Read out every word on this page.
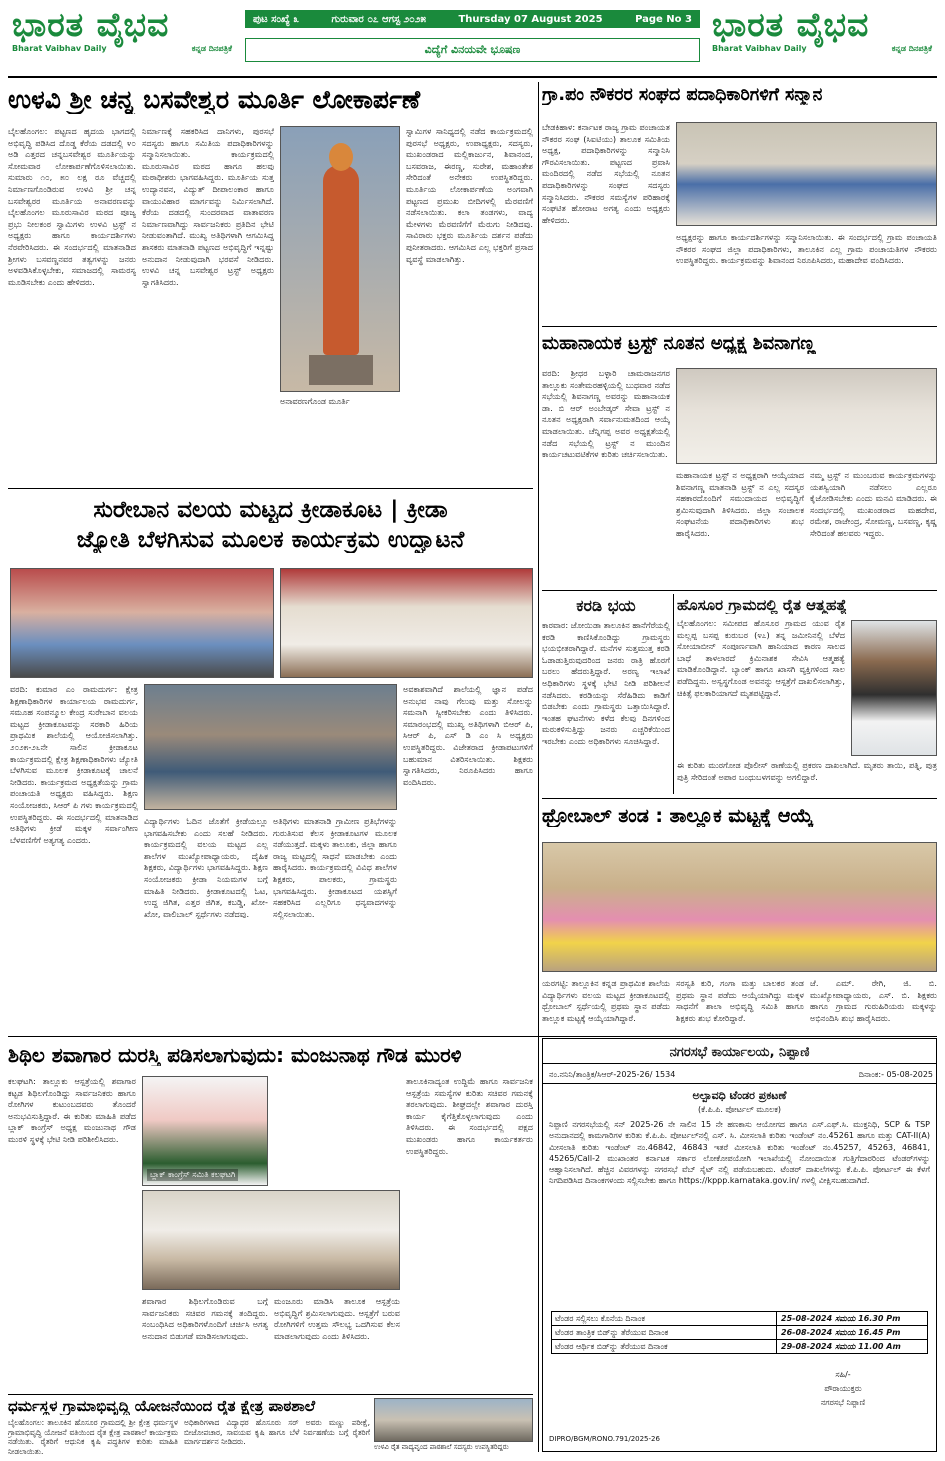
ಭಾರತ ವೈಭವ
Bharat Vaibhav Daily	ಕನ್ನಡ ದಿನಪತ್ರಿಕೆ
ಪುಟ ಸಂಖ್ಯೆ ೩	ಗುರುವಾರ ೦೭ ಆಗಸ್ಟ ೨೦೨೫	Thursday 07 August 2025	Page No 3
ವಿದ್ಯೆಗೆ ವಿನಯವೇ ಭೂಷಣ
ಭಾರತ ವೈಭವ
Bharat Vaibhav Daily	ಕನ್ನಡ ದಿನಪತ್ರಿಕೆ
ಉಳವಿ ಶ್ರೀ ಚನ್ನ ಬಸವೇಶ್ವರ ಮೂರ್ತಿ ಲೋಕಾರ್ಪಣೆ
ಬೈಲಹೊಂಗಲ: ಪಟ್ಟಣದ ಹೃದಯ ಭಾಗದಲ್ಲಿ ಅಭಿವೃದ್ಧಿ ಪಡಿಸಿದ ದೊಡ್ಡ ಕೆರೆಯ ದಡದಲ್ಲಿ ೪೦ ಅಡಿ ಎತ್ತರದ ಚನ್ನಬಸವೇಶ್ವರ ಮೂರ್ತಿಯನ್ನು ಸೋಮವಾರ ಲೋಕಾರ್ಪಣೆಗೊಳಿಸಲಾಯಿತು. ಸುಮಾರು ೧೦, ೫೦ ಲಕ್ಷ ರೂ ವೆಚ್ಚದಲ್ಲಿ ನಿರ್ಮಾಣಗೊಂಡಿರುವ ಉಳವಿ ಶ್ರೀ ಚನ್ನ ಬಸವೇಶ್ವರರ ಮೂರ್ತಿಯ ಅನಾವರಣವನ್ನು ಬೈಲಹೊಂಗಲ ಮೂರುಸಾವಿರ ಮಠದ ಪೂಜ್ಯ ಪ್ರಭು ನೀಲಕಂಠ ಸ್ವಾಮಿಗಳು ಉಳವಿ ಟ್ರಸ್ಟ್ ನ ಅಧ್ಯಕ್ಷರು ಹಾಗೂ ಕಾರ್ಯದರ್ಶಿಗಳು ನೆರವೇರಿಸಿದರು. ಈ ಸಂದರ್ಭದಲ್ಲಿ ಮಾತನಾಡಿದ ಶ್ರೀಗಳು ಬಸವಣ್ಣನವರ ತತ್ವಗಳನ್ನು ಜನರು ಅಳವಡಿಸಿಕೊಳ್ಳಬೇಕು, ಸಮಾಜದಲ್ಲಿ ಸಾಮರಸ್ಯ ಮೂಡಿಸಬೇಕು ಎಂದು ಹೇಳಿದರು.
ನಿರ್ಮಾಣಕ್ಕೆ ಸಹಕರಿಸಿದ ದಾನಿಗಳು, ಪುರಸಭೆ ಸದಸ್ಯರು ಹಾಗೂ ಸಮಿತಿಯ ಪದಾಧಿಕಾರಿಗಳನ್ನು ಸನ್ಮಾನಿಸಲಾಯಿತು. ಕಾರ್ಯಕ್ರಮದಲ್ಲಿ ಮೂರುಸಾವಿರ ಮಠದ ಹಾಗೂ ಹಲವು ಮಠಾಧೀಶರು ಭಾಗವಹಿಸಿದ್ದರು. ಮೂರ್ತಿಯ ಸುತ್ತ ಉದ್ಯಾನವನ, ವಿದ್ಯುತ್ ದೀಪಾಲಂಕಾರ ಹಾಗೂ ವಾಯುವಿಹಾರ ಮಾರ್ಗವನ್ನು ನಿರ್ಮಿಸಲಾಗಿದೆ. ಕೆರೆಯ ದಡದಲ್ಲಿ ಸುಂದರವಾದ ವಾತಾವರಣ ನಿರ್ಮಾಣವಾಗಿದ್ದು ಸಾರ್ವಜನಿಕರು ಪ್ರತಿದಿನ ಭೇಟಿ ನೀಡುವಂತಾಗಿದೆ. ಮುಖ್ಯ ಅತಿಥಿಗಳಾಗಿ ಆಗಮಿಸಿದ್ದ ಶಾಸಕರು ಮಾತನಾಡಿ ಪಟ್ಟಣದ ಅಭಿವೃದ್ಧಿಗೆ ಇನ್ನಷ್ಟು ಅನುದಾನ ನೀಡುವುದಾಗಿ ಭರವಸೆ ನೀಡಿದರು. ಉಳವಿ ಚನ್ನ ಬಸವೇಶ್ವರ ಟ್ರಸ್ಟ್ ಅಧ್ಯಕ್ಷರು ಸ್ವಾಗತಿಸಿದರು.
ಅನಾವರಣಗೊಂಡ ಮೂರ್ತಿ
ಸ್ವಾಮಿಗಳ ಸಾನಿಧ್ಯದಲ್ಲಿ ನಡೆದ ಕಾರ್ಯಕ್ರಮದಲ್ಲಿ ಪುರಸಭೆ ಅಧ್ಯಕ್ಷರು, ಉಪಾಧ್ಯಕ್ಷರು, ಸದಸ್ಯರು, ಮುಖಂಡರಾದ ಮಲ್ಲಿಕಾರ್ಜುನ, ಶಿವಾನಂದ, ಬಸವರಾಜ, ಈರಣ್ಣ, ಸುರೇಶ, ಮಹಾಂತೇಶ ಸೇರಿದಂತೆ ಅನೇಕರು ಉಪಸ್ಥಿತರಿದ್ದರು. ಮೂರ್ತಿಯ ಲೋಕಾರ್ಪಣೆಯ ಅಂಗವಾಗಿ ಪಟ್ಟಣದ ಪ್ರಮುಖ ಬೀದಿಗಳಲ್ಲಿ ಮೆರವಣಿಗೆ ನಡೆಸಲಾಯಿತು. ಕಲಾ ತಂಡಗಳು, ವಾದ್ಯ ಮೇಳಗಳು ಮೆರವಣಿಗೆಗೆ ಮೆರುಗು ನೀಡಿದವು. ಸಾವಿರಾರು ಭಕ್ತರು ಮೂರ್ತಿಯ ದರ್ಶನ ಪಡೆದು ಪುನೀತರಾದರು. ಆಗಮಿಸಿದ ಎಲ್ಲ ಭಕ್ತರಿಗೆ ಪ್ರಸಾದ ವ್ಯವಸ್ಥೆ ಮಾಡಲಾಗಿತ್ತು.
ಗ್ರಾ.ಪಂ ನೌಕರರ ಸಂಘದ ಪದಾಧಿಕಾರಿಗಳಿಗೆ ಸನ್ಮಾನ
ಬೇಡಕಿಹಾಳ: ಕರ್ನಾಟಕ ರಾಜ್ಯ ಗ್ರಾಮ ಪಂಚಾಯತ ನೌಕರರ ಸಂಘ (ಸಿಐಟಿಯು) ತಾಲೂಕ ಸಮಿತಿಯ ಅಧ್ಯಕ್ಷ, ಪದಾಧಿಕಾರಿಗಳನ್ನು ಸನ್ಮಾನಿಸಿ ಗೌರವಿಸಲಾಯಿತು. ಪಟ್ಟಣದ ಪ್ರವಾಸಿ ಮಂದಿರದಲ್ಲಿ ನಡೆದ ಸಭೆಯಲ್ಲಿ ನೂತನ ಪದಾಧಿಕಾರಿಗಳನ್ನು ಸಂಘದ ಸದಸ್ಯರು ಸನ್ಮಾನಿಸಿದರು. ನೌಕರರ ಸಮಸ್ಯೆಗಳ ಪರಿಹಾರಕ್ಕೆ ಸಂಘಟಿತ ಹೋರಾಟ ಅಗತ್ಯ ಎಂದು ಅಧ್ಯಕ್ಷರು ಹೇಳಿದರು.
ಅಧ್ಯಕ್ಷರನ್ನು ಹಾಗೂ ಕಾರ್ಯದರ್ಶಿಗಳನ್ನು ಸನ್ಮಾನಿಸಲಾಯಿತು. ಈ ಸಂದರ್ಭದಲ್ಲಿ ಗ್ರಾಮ ಪಂಚಾಯತಿ ನೌಕರರ ಸಂಘದ ಜಿಲ್ಲಾ ಪದಾಧಿಕಾರಿಗಳು, ತಾಲೂಕಿನ ಎಲ್ಲ ಗ್ರಾಮ ಪಂಚಾಯತಿಗಳ ನೌಕರರು ಉಪಸ್ಥಿತರಿದ್ದರು. ಕಾರ್ಯಕ್ರಮವನ್ನು ಶಿವಾನಂದ ನಿರೂಪಿಸಿದರು, ಮಹಾದೇವ ವಂದಿಸಿದರು.
ಮಹಾನಾಯಕ ಟ್ರಸ್ಟ್ ನೂತನ ಅಧ್ಯಕ್ಷ ಶಿವನಾಗಣ್ಣ
ವರದಿ: ಶ್ರೀಧರ ಬಳ್ಳಾರಿ ಚಾಮರಾಜನಗರ ತಾಲ್ಲೂಕು ಸಂತೇಮರಹಳ್ಳಿಯಲ್ಲಿ ಬುಧವಾರ ನಡೆದ ಸಭೆಯಲ್ಲಿ ಶಿವನಾಗಣ್ಣ ಅವರನ್ನು ಮಹಾನಾಯಕ ಡಾ. ಬಿ ಆರ್ ಅಂಬೇಡ್ಕರ್ ಸೇವಾ ಟ್ರಸ್ಟ್ ನ ನೂತನ ಅಧ್ಯಕ್ಷರಾಗಿ ಸರ್ವಾನುಮತದಿಂದ ಆಯ್ಕೆ ಮಾಡಲಾಯಿತು. ಚೆನ್ನಿಗಪ್ಪ ಅವರ ಅಧ್ಯಕ್ಷತೆಯಲ್ಲಿ ನಡೆದ ಸಭೆಯಲ್ಲಿ ಟ್ರಸ್ಟ್ ನ ಮುಂದಿನ ಕಾರ್ಯಚಟುವಟಿಕೆಗಳ ಕುರಿತು ಚರ್ಚಿಸಲಾಯಿತು.
ಮಹಾನಾಯಕ ಟ್ರಸ್ಟ್ ನ ಅಧ್ಯಕ್ಷರಾಗಿ ಆಯ್ಕೆಯಾದ ಶಿವನಾಗಣ್ಣ ಮಾತನಾಡಿ ಟ್ರಸ್ಟ್ ನ ಎಲ್ಲ ಸದಸ್ಯರ ಸಹಕಾರದೊಂದಿಗೆ ಸಮುದಾಯದ ಅಭಿವೃದ್ಧಿಗೆ ಶ್ರಮಿಸುವುದಾಗಿ ತಿಳಿಸಿದರು. ಜಿಲ್ಲಾ ಸಂಚಾಲಕ ಸಂಘಟನೆಯ ಪದಾಧಿಕಾರಿಗಳು ಶುಭ ಹಾರೈಸಿದರು.
ನಮ್ಮ ಟ್ರಸ್ಟ್ ನ ಮುಂಬರುವ ಕಾರ್ಯಕ್ರಮಗಳನ್ನು ಯಶಸ್ವಿಯಾಗಿ ನಡೆಸಲು ಎಲ್ಲರೂ ಕೈಜೋಡಿಸಬೇಕು ಎಂದು ಮನವಿ ಮಾಡಿದರು. ಈ ಸಂದರ್ಭದಲ್ಲಿ ಮುಖಂಡರಾದ ಮಹದೇವ, ರಮೇಶ, ರಾಜೇಂದ್ರ, ಸೋಮಣ್ಣ, ಬಸವಣ್ಣ, ಕೃಷ್ಣ ಸೇರಿದಂತೆ ಹಲವರು ಇದ್ದರು.
ಸುರೇಬಾನ ವಲಯ ಮಟ್ಟದ ಕ್ರೀಡಾಕೂಟ | ಕ್ರೀಡಾ
ಜ್ಯೋತಿ ಬೆಳಗಿಸುವ ಮೂಲಕ ಕಾರ್ಯಕ್ರಮ ಉದ್ಘಾಟನೆ
ವರದಿ: ಕುಮಾರ ಎಂ ರಾಮದುರ್ಗ: ಕ್ಷೇತ್ರ ಶಿಕ್ಷಣಾಧಿಕಾರಿಗಳ ಕಾರ್ಯಾಲಯ ರಾಮದುರ್ಗ, ಸಮೂಹ ಸಂಪನ್ಮೂಲ ಕೇಂದ್ರ ಸುರೇಬಾನ ವಲಯ ಮಟ್ಟದ ಕ್ರೀಡಾಕೂಟವನ್ನು ಸರಕಾರಿ ಹಿರಿಯ ಪ್ರಾಥಮಿಕ ಶಾಲೆಯಲ್ಲಿ ಆಯೋಜಿಸಲಾಗಿತ್ತು. ೨೦೨೫-೨೬ನೇ ಸಾಲಿನ ಕ್ರೀಡಾಕೂಟ ಕಾರ್ಯಕ್ರಮದಲ್ಲಿ ಕ್ಷೇತ್ರ ಶಿಕ್ಷಣಾಧಿಕಾರಿಗಳು ಜ್ಯೋತಿ ಬೆಳಗಿಸುವ ಮೂಲಕ ಕ್ರೀಡಾಕೂಟಕ್ಕೆ ಚಾಲನೆ ನೀಡಿದರು. ಕಾರ್ಯಕ್ರಮದ ಅಧ್ಯಕ್ಷತೆಯನ್ನು ಗ್ರಾಮ ಪಂಚಾಯತಿ ಅಧ್ಯಕ್ಷರು ವಹಿಸಿದ್ದರು. ಶಿಕ್ಷಣ ಸಂಯೋಜಕರು, ಸಿಆರ್ ಪಿ ಗಳು ಕಾರ್ಯಕ್ರಮದಲ್ಲಿ ಉಪಸ್ಥಿತರಿದ್ದರು. ಈ ಸಂದರ್ಭದಲ್ಲಿ ಮಾತನಾಡಿದ ಅತಿಥಿಗಳು ಕ್ರೀಡೆ ಮಕ್ಕಳ ಸರ್ವಾಂಗೀಣ ಬೆಳವಣಿಗೆಗೆ ಅತ್ಯಗತ್ಯ ಎಂದರು.
ಅವಕಾಶವಾಗಿದೆ ಶಾಲೆಯಲ್ಲಿ ಜ್ಞಾನ ಪಡೆದ ಅನುಭವ ನಾವು ಗೆಲುವು ಮತ್ತು ಸೋಲನ್ನು ಸಮನಾಗಿ ಸ್ವೀಕರಿಸಬೇಕು ಎಂದು ತಿಳಿಸಿದರು. ಸಮಾರಂಭದಲ್ಲಿ ಮುಖ್ಯ ಅತಿಥಿಗಳಾಗಿ ಬಿಆರ್ ಪಿ, ಸಿಆರ್ ಪಿ, ಎಸ್ ಡಿ ಎಂ ಸಿ ಅಧ್ಯಕ್ಷರು ಉಪಸ್ಥಿತರಿದ್ದರು. ವಿಜೇತರಾದ ಕ್ರೀಡಾಪಟುಗಳಿಗೆ ಬಹುಮಾನ ವಿತರಿಸಲಾಯಿತು. ಶಿಕ್ಷಕರು ಸ್ವಾಗತಿಸಿದರು, ನಿರೂಪಿಸಿದರು ಹಾಗೂ ವಂದಿಸಿದರು.
ವಿದ್ಯಾರ್ಥಿಗಳು ಓದಿನ ಜೊತೆಗೆ ಕ್ರೀಡೆಯಲ್ಲೂ ಭಾಗವಹಿಸಬೇಕು ಎಂದು ಸಲಹೆ ನೀಡಿದರು. ಕಾರ್ಯಕ್ರಮದಲ್ಲಿ ವಲಯ ಮಟ್ಟದ ಎಲ್ಲ ಶಾಲೆಗಳ ಮುಖ್ಯೋಪಾಧ್ಯಾಯರು, ದೈಹಿಕ ಶಿಕ್ಷಕರು, ವಿದ್ಯಾರ್ಥಿಗಳು ಭಾಗವಹಿಸಿದ್ದರು. ಶಿಕ್ಷಣ ಸಂಯೋಜಕರು ಕ್ರೀಡಾ ನಿಯಮಗಳ ಬಗ್ಗೆ ಮಾಹಿತಿ ನೀಡಿದರು. ಕ್ರೀಡಾಕೂಟದಲ್ಲಿ ಓಟ, ಉದ್ದ ಜಿಗಿತ, ಎತ್ತರ ಜಿಗಿತ, ಕಬಡ್ಡಿ, ಖೋ-ಖೋ, ವಾಲಿಬಾಲ್ ಸ್ಪರ್ಧೆಗಳು ನಡೆದವು.
ಅತಿಥಿಗಳು ಮಾತನಾಡಿ ಗ್ರಾಮೀಣ ಪ್ರತಿಭೆಗಳನ್ನು ಗುರುತಿಸುವ ಕೆಲಸ ಕ್ರೀಡಾಕೂಟಗಳ ಮೂಲಕ ನಡೆಯುತ್ತದೆ. ಮಕ್ಕಳು ತಾಲೂಕು, ಜಿಲ್ಲಾ ಹಾಗೂ ರಾಜ್ಯ ಮಟ್ಟದಲ್ಲಿ ಸಾಧನೆ ಮಾಡಬೇಕು ಎಂದು ಹಾರೈಸಿದರು. ಕಾರ್ಯಕ್ರಮದಲ್ಲಿ ವಿವಿಧ ಶಾಲೆಗಳ ಶಿಕ್ಷಕರು, ಪಾಲಕರು, ಗ್ರಾಮಸ್ಥರು ಭಾಗವಹಿಸಿದ್ದರು. ಕ್ರೀಡಾಕೂಟದ ಯಶಸ್ಸಿಗೆ ಸಹಕರಿಸಿದ ಎಲ್ಲರಿಗೂ ಧನ್ಯವಾದಗಳನ್ನು ಸಲ್ಲಿಸಲಾಯಿತು.
ಕರಡಿ ಭಯ
ಕಾರವಾರ: ಜೋಯಿಡಾ ತಾಲೂಕಿನ ಹಾನೆಗೆರೆಯಲ್ಲಿ ಕರಡಿ ಕಾಣಿಸಿಕೊಂಡಿದ್ದು ಗ್ರಾಮಸ್ಥರು ಭಯಭೀತರಾಗಿದ್ದಾರೆ. ಮನೆಗಳ ಸುತ್ತಮುತ್ತ ಕರಡಿ ಓಡಾಡುತ್ತಿರುವುದರಿಂದ ಜನರು ರಾತ್ರಿ ಹೊರಗೆ ಬರಲು ಹೆದರುತ್ತಿದ್ದಾರೆ. ಅರಣ್ಯ ಇಲಾಖೆ ಅಧಿಕಾರಿಗಳು ಸ್ಥಳಕ್ಕೆ ಭೇಟಿ ನೀಡಿ ಪರಿಶೀಲನೆ ನಡೆಸಿದರು. ಕರಡಿಯನ್ನು ಸೆರೆಹಿಡಿದು ಕಾಡಿಗೆ ಬಿಡಬೇಕು ಎಂದು ಗ್ರಾಮಸ್ಥರು ಒತ್ತಾಯಿಸಿದ್ದಾರೆ. ಇಂತಹ ಘಟನೆಗಳು ಕಳೆದ ಕೆಲವು ದಿನಗಳಿಂದ ಮರುಕಳಿಸುತ್ತಿದ್ದು ಜನರು ಎಚ್ಚರಿಕೆಯಿಂದ ಇರಬೇಕು ಎಂದು ಅಧಿಕಾರಿಗಳು ಸೂಚಿಸಿದ್ದಾರೆ.
ಹೊಸೂರ ಗ್ರಾಮದಲ್ಲಿ ರೈತ ಆತ್ಮಹತ್ಯೆ
ಬೈಲಹೊಂಗಲ: ಸಮೀಪದ ಹೊಸೂರ ಗ್ರಾಮದ ಯುವ ರೈತ ಮಲ್ಲಪ್ಪ ಬಸಪ್ಪ ಕುರುಬರ (೪೭) ತನ್ನ ಜಮೀನಿನಲ್ಲಿ ಬೆಳೆದ ಸೋಯಾಬೀನ್ ಸಂಪೂರ್ಣವಾಗಿ ಹಾನಿಯಾದ ಕಾರಣ ಸಾಲದ ಬಾಧೆ ತಾಳಲಾರದೆ ಕ್ರಿಮಿನಾಶಕ ಸೇವಿಸಿ ಆತ್ಮಹತ್ಯೆ ಮಾಡಿಕೊಂಡಿದ್ದಾನೆ. ಬ್ಯಾಂಕ್ ಹಾಗೂ ಖಾಸಗಿ ವ್ಯಕ್ತಿಗಳಿಂದ ಸಾಲ ಪಡೆದಿದ್ದನು. ಅಸ್ವಸ್ಥಗೊಂಡ ಅವನನ್ನು ಆಸ್ಪತ್ರೆಗೆ ದಾಖಲಿಸಲಾಗಿತ್ತು, ಚಿಕಿತ್ಸೆ ಫಲಕಾರಿಯಾಗದೆ ಮೃತಪಟ್ಟಿದ್ದಾನೆ.
ಈ ಕುರಿತು ಮುರಗೋಡ ಪೊಲೀಸ್ ಠಾಣೆಯಲ್ಲಿ ಪ್ರಕರಣ ದಾಖಲಾಗಿದೆ. ಮೃತರು ತಾಯಿ, ಪತ್ನಿ, ಪುತ್ರ ಪುತ್ರಿ ಸೇರಿದಂತೆ ಅಪಾರ ಬಂಧುಬಳಗವನ್ನು ಅಗಲಿದ್ದಾರೆ.
ಥ್ರೋಬಾಲ್ ತಂಡ : ತಾಲ್ಲೂಕ ಮಟ್ಟಕ್ಕೆ ಆಯ್ಕೆ
ಯರಗಟ್ಟಿ: ತಾಲ್ಲೂಕಿನ ಕನ್ನಡ ಪ್ರಾಥಮಿಕ ಶಾಲೆಯ ವಿದ್ಯಾರ್ಥಿಗಳು ವಲಯ ಮಟ್ಟದ ಕ್ರೀಡಾಕೂಟದಲ್ಲಿ ಥ್ರೋಬಾಲ್ ಸ್ಪರ್ಧೆಯಲ್ಲಿ ಪ್ರಥಮ ಸ್ಥಾನ ಪಡೆದು ತಾಲ್ಲೂಕ ಮಟ್ಟಕ್ಕೆ ಆಯ್ಕೆಯಾಗಿದ್ದಾರೆ.
ಸರಸ್ವತಿ ಕುರಿ, ಗಂಗಾ ಮತ್ತು ಬಾಲಕರ ತಂಡ ಪ್ರಥಮ ಸ್ಥಾನ ಪಡೆದು ಆಯ್ಕೆಯಾಗಿದ್ದು ಮಕ್ಕಳ ಸಾಧನೆಗೆ ಶಾಲಾ ಅಭಿವೃದ್ಧಿ ಸಮಿತಿ ಹಾಗೂ ಶಿಕ್ಷಕರು ಶುಭ ಕೋರಿದ್ದಾರೆ.
ಜೆ. ಎಮ್. ರೇಗಿ, ಜಿ. ಬಿ. ಮುಖ್ಯೋಪಾಧ್ಯಾಯರು, ಎಸ್. ಬಿ. ಶಿಕ್ಷಕರು ಹಾಗೂ ಗ್ರಾಮದ ಗುರುಹಿರಿಯರು ಮಕ್ಕಳನ್ನು ಅಭಿನಂದಿಸಿ ಶುಭ ಹಾರೈಸಿದರು.
ಶಿಥಿಲ ಶವಾಗಾರ ದುರಸ್ತಿ ಪಡಿಸಲಾಗುವುದು: ಮಂಜುನಾಥ ಗೌಡ ಮುರಳಿ
ಕಲಘಟಗಿ: ತಾಲ್ಲೂಕು ಆಸ್ಪತ್ರೆಯಲ್ಲಿ ಶವಾಗಾರ ಕಟ್ಟಡ ಶಿಥಿಲಗೊಂಡಿದ್ದು ಸಾರ್ವಜನಿಕರು ಹಾಗೂ ರೋಗಿಗಳ ಕುಟುಂಬದವರು ತೊಂದರೆ ಅನುಭವಿಸುತ್ತಿದ್ದಾರೆ. ಈ ಕುರಿತು ಮಾಹಿತಿ ಪಡೆದ ಬ್ಲಾಕ್ ಕಾಂಗ್ರೆಸ್ ಅಧ್ಯಕ್ಷ ಮಂಜುನಾಥ ಗೌಡ ಮುರಳಿ ಸ್ಥಳಕ್ಕೆ ಭೇಟಿ ನೀಡಿ ಪರಿಶೀಲಿಸಿದರು.
ಬ್ಲಾಕ್ ಕಾಂಗ್ರೆಸ್ ಸಮಿತಿ ಕಲಘಟಗಿ
ತಾಲೂಕಿನಾದ್ಯಂತ ಉದ್ದಿಮೆ ಹಾಗೂ ಸಾರ್ವಜನಿಕ ಆಸ್ಪತ್ರೆಯ ಸಮಸ್ಯೆಗಳ ಕುರಿತು ಸಚಿವರ ಗಮನಕ್ಕೆ ತರಲಾಗುವುದು. ಶೀಘ್ರದಲ್ಲೇ ಶವಾಗಾರ ದುರಸ್ತಿ ಕಾರ್ಯ ಕೈಗೆತ್ತಿಕೊಳ್ಳಲಾಗುವುದು ಎಂದು ತಿಳಿಸಿದರು. ಈ ಸಂದರ್ಭದಲ್ಲಿ ಪಕ್ಷದ ಮುಖಂಡರು ಹಾಗೂ ಕಾರ್ಯಕರ್ತರು ಉಪಸ್ಥಿತರಿದ್ದರು.
ಶವಾಗಾರ ಶಿಥಿಲಗೊಂಡಿರುವ ಬಗ್ಗೆ ಸಾರ್ವಜನಿಕರು ಸಚಿವರ ಗಮನಕ್ಕೆ ತಂದಿದ್ದರು. ಸಂಬಂಧಿಸಿದ ಅಧಿಕಾರಿಗಳೊಂದಿಗೆ ಚರ್ಚಿಸಿ ಅಗತ್ಯ ಅನುದಾನ ಬಿಡುಗಡೆ ಮಾಡಿಸಲಾಗುವುದು.
ಮಂಜೂರು ಮಾಡಿಸಿ ತಾಲೂಕ ಆಸ್ಪತ್ರೆಯ ಅಭಿವೃದ್ಧಿಗೆ ಶ್ರಮಿಸಲಾಗುವುದು. ಆಸ್ಪತ್ರೆಗೆ ಬರುವ ರೋಗಿಗಳಿಗೆ ಉತ್ತಮ ಸೌಲಭ್ಯ ಒದಗಿಸುವ ಕೆಲಸ ಮಾಡಲಾಗುವುದು ಎಂದು ತಿಳಿಸಿದರು.
ಧರ್ಮಸ್ಥಳ ಗ್ರಾಮಾಭಿವೃದ್ಧಿ ಯೋಜನೆಯಿಂದ ರೈತ ಕ್ಷೇತ್ರ ಪಾಠಶಾಲೆ
ಬೈಲಹೊಂಗಲ: ತಾಲೂಕಿನ ಹೊಸೂರ ಗ್ರಾಮದಲ್ಲಿ ಶ್ರೀ ಕ್ಷೇತ್ರ ಧರ್ಮಸ್ಥಳ ಗ್ರಾಮಾಭಿವೃದ್ಧಿ ಯೋಜನೆ ವತಿಯಿಂದ ರೈತ ಕ್ಷೇತ್ರ ಪಾಠಶಾಲೆ ಕಾರ್ಯಕ್ರಮ ನಡೆಯಿತು. ರೈತರಿಗೆ ಆಧುನಿಕ ಕೃಷಿ ಪದ್ಧತಿಗಳ ಕುರಿತು ಮಾಹಿತಿ ನೀಡಲಾಯಿತು.
ಅಧಿಕಾರಿಗಳಾದ ವಿದ್ಯಾಧರ ಹೊಸೂರು ಸರ್ ಅವರು ಮಣ್ಣು ಪರೀಕ್ಷೆ, ಬೀಜೋಪಚಾರ, ಸಾವಯವ ಕೃಷಿ ಹಾಗೂ ಬೆಳೆ ನಿರ್ವಹಣೆಯ ಬಗ್ಗೆ ರೈತರಿಗೆ ಮಾರ್ಗದರ್ಶನ ನೀಡಿದರು.
ಉಳವಿ ರೈತ ವಾದ್ಯವೃಂದ ಪಾಠಶಾಲೆ ಸದಸ್ಯರು ಉಪಸ್ಥಿತರಿದ್ದರು
ನಗರಸಭೆ ಕಾರ್ಯಾಲಯ, ನಿಪ್ಪಾಣಿ
ನಂ.ನನಿನಿ/ತಾಂತ್ರಿಕ/ಸಿಆರ್-2025-26/ 1534	ದಿನಾಂಕ:- 05-08-2025
ಅಲ್ಪಾವಧಿ ಟೆಂಡರ ಪ್ರಕಟಣೆ
(ಕೆ.ಪಿ.ಪಿ. ಪೋರ್ಟಲ್ ಮೂಲಕ)
ನಿಪ್ಪಾಣಿ ನಗರಸಭೆಯಲ್ಲಿ ಸನ್ 2025-26 ನೇ ಸಾಲಿನ 15 ನೇ ಹಣಕಾಸು ಆಯೋಗದ ಹಾಗೂ ಎಸ್.ಎಫ್.ಸಿ. ಮುಕ್ತನಿಧಿ, SCP & TSP ಅನುದಾನದಲ್ಲಿ ಕಾಮಗಾರಿಗಳ ಕುರಿತು ಕೆ.ಪಿ.ಪಿ. ಪೋರ್ಟಲ್‌ನಲ್ಲಿ ಎಸ್. ಸಿ. ಮೀಸಲಾತಿ ಕುರಿತು ಇಂಡೆಂಟ್ ನಂ.45261 ಹಾಗೂ ಮತ್ತು CAT-II(A) ಮೀಸಲಾತಿ ಕುರಿತು ಇಂಡೆಂಟ್ ನಂ.46842, 46843 ಇತರೆ ಮೀಸಲಾತಿ ಕುರಿತು ಇಂಡೆಂಟ್ ನಂ.45257, 45263, 46841, 45265/Call-2 ಮುಖಾಂತರ ಕರ್ನಾಟಕ ಸರ್ಕಾರ ಲೋಕೋಪಯೋಗಿ ಇಲಾಖೆಯಲ್ಲಿ ನೋಂದಾಯಿತ ಗುತ್ತಿಗೆದಾರರಿಂದ ಟೆಂಡರ್‌ಗಳನ್ನು ಆಹ್ವಾನಿಸಲಾಗಿದೆ. ಹೆಚ್ಚಿನ ವಿವರಗಳನ್ನು ನಗರಸಭೆ ವೆಬ್ ಸೈಟ್ ನಲ್ಲಿ ಪಡೆಯಬಹುದು. ಟೆಂಡರ್ ದಾಖಲೆಗಳನ್ನು ಕೆ.ಪಿ.ಪಿ. ಪೋರ್ಟಲ್ ಈ ಕೆಳಗೆ ನಿಗದಿಪಡಿಸಿದ ದಿನಾಂಕಗಳಂದು ಸಲ್ಲಿಸಬೇಕು ಹಾಗೂ https://kppp.karnataka.gov.in/ ಗಳಲ್ಲಿ ವೀಕ್ಷಿಸಬಹುದಾಗಿದೆ.
ಟೆಂಡರ ಸಲ್ಲಿಸಲು ಕೊನೆಯ ದಿನಾಂಕ	25-08-2024 ಸಮಯ 16.30 Pm
ಟೆಂಡರ ತಾಂತ್ರಿಕ ಬಿಡ್‌ನ್ನು ತೆರೆಯುವ ದಿನಾಂಕ	26-08-2024 ಸಮಯ 16.45 Pm
ಟೆಂಡರ ಆರ್ಥಿಕ ಬಿಡ್‌ನ್ನು ತೆರೆಯುವ ದಿನಾಂಕ	29-08-2024 ಸಮಯ 11.00 Am
ಸಹಿ/-
ಪೌರಾಯುಕ್ತರು
ನಗರಸಭೆ ನಿಪ್ಪಾಣಿ
DIPRO/BGM/RONO.791/2025-26
